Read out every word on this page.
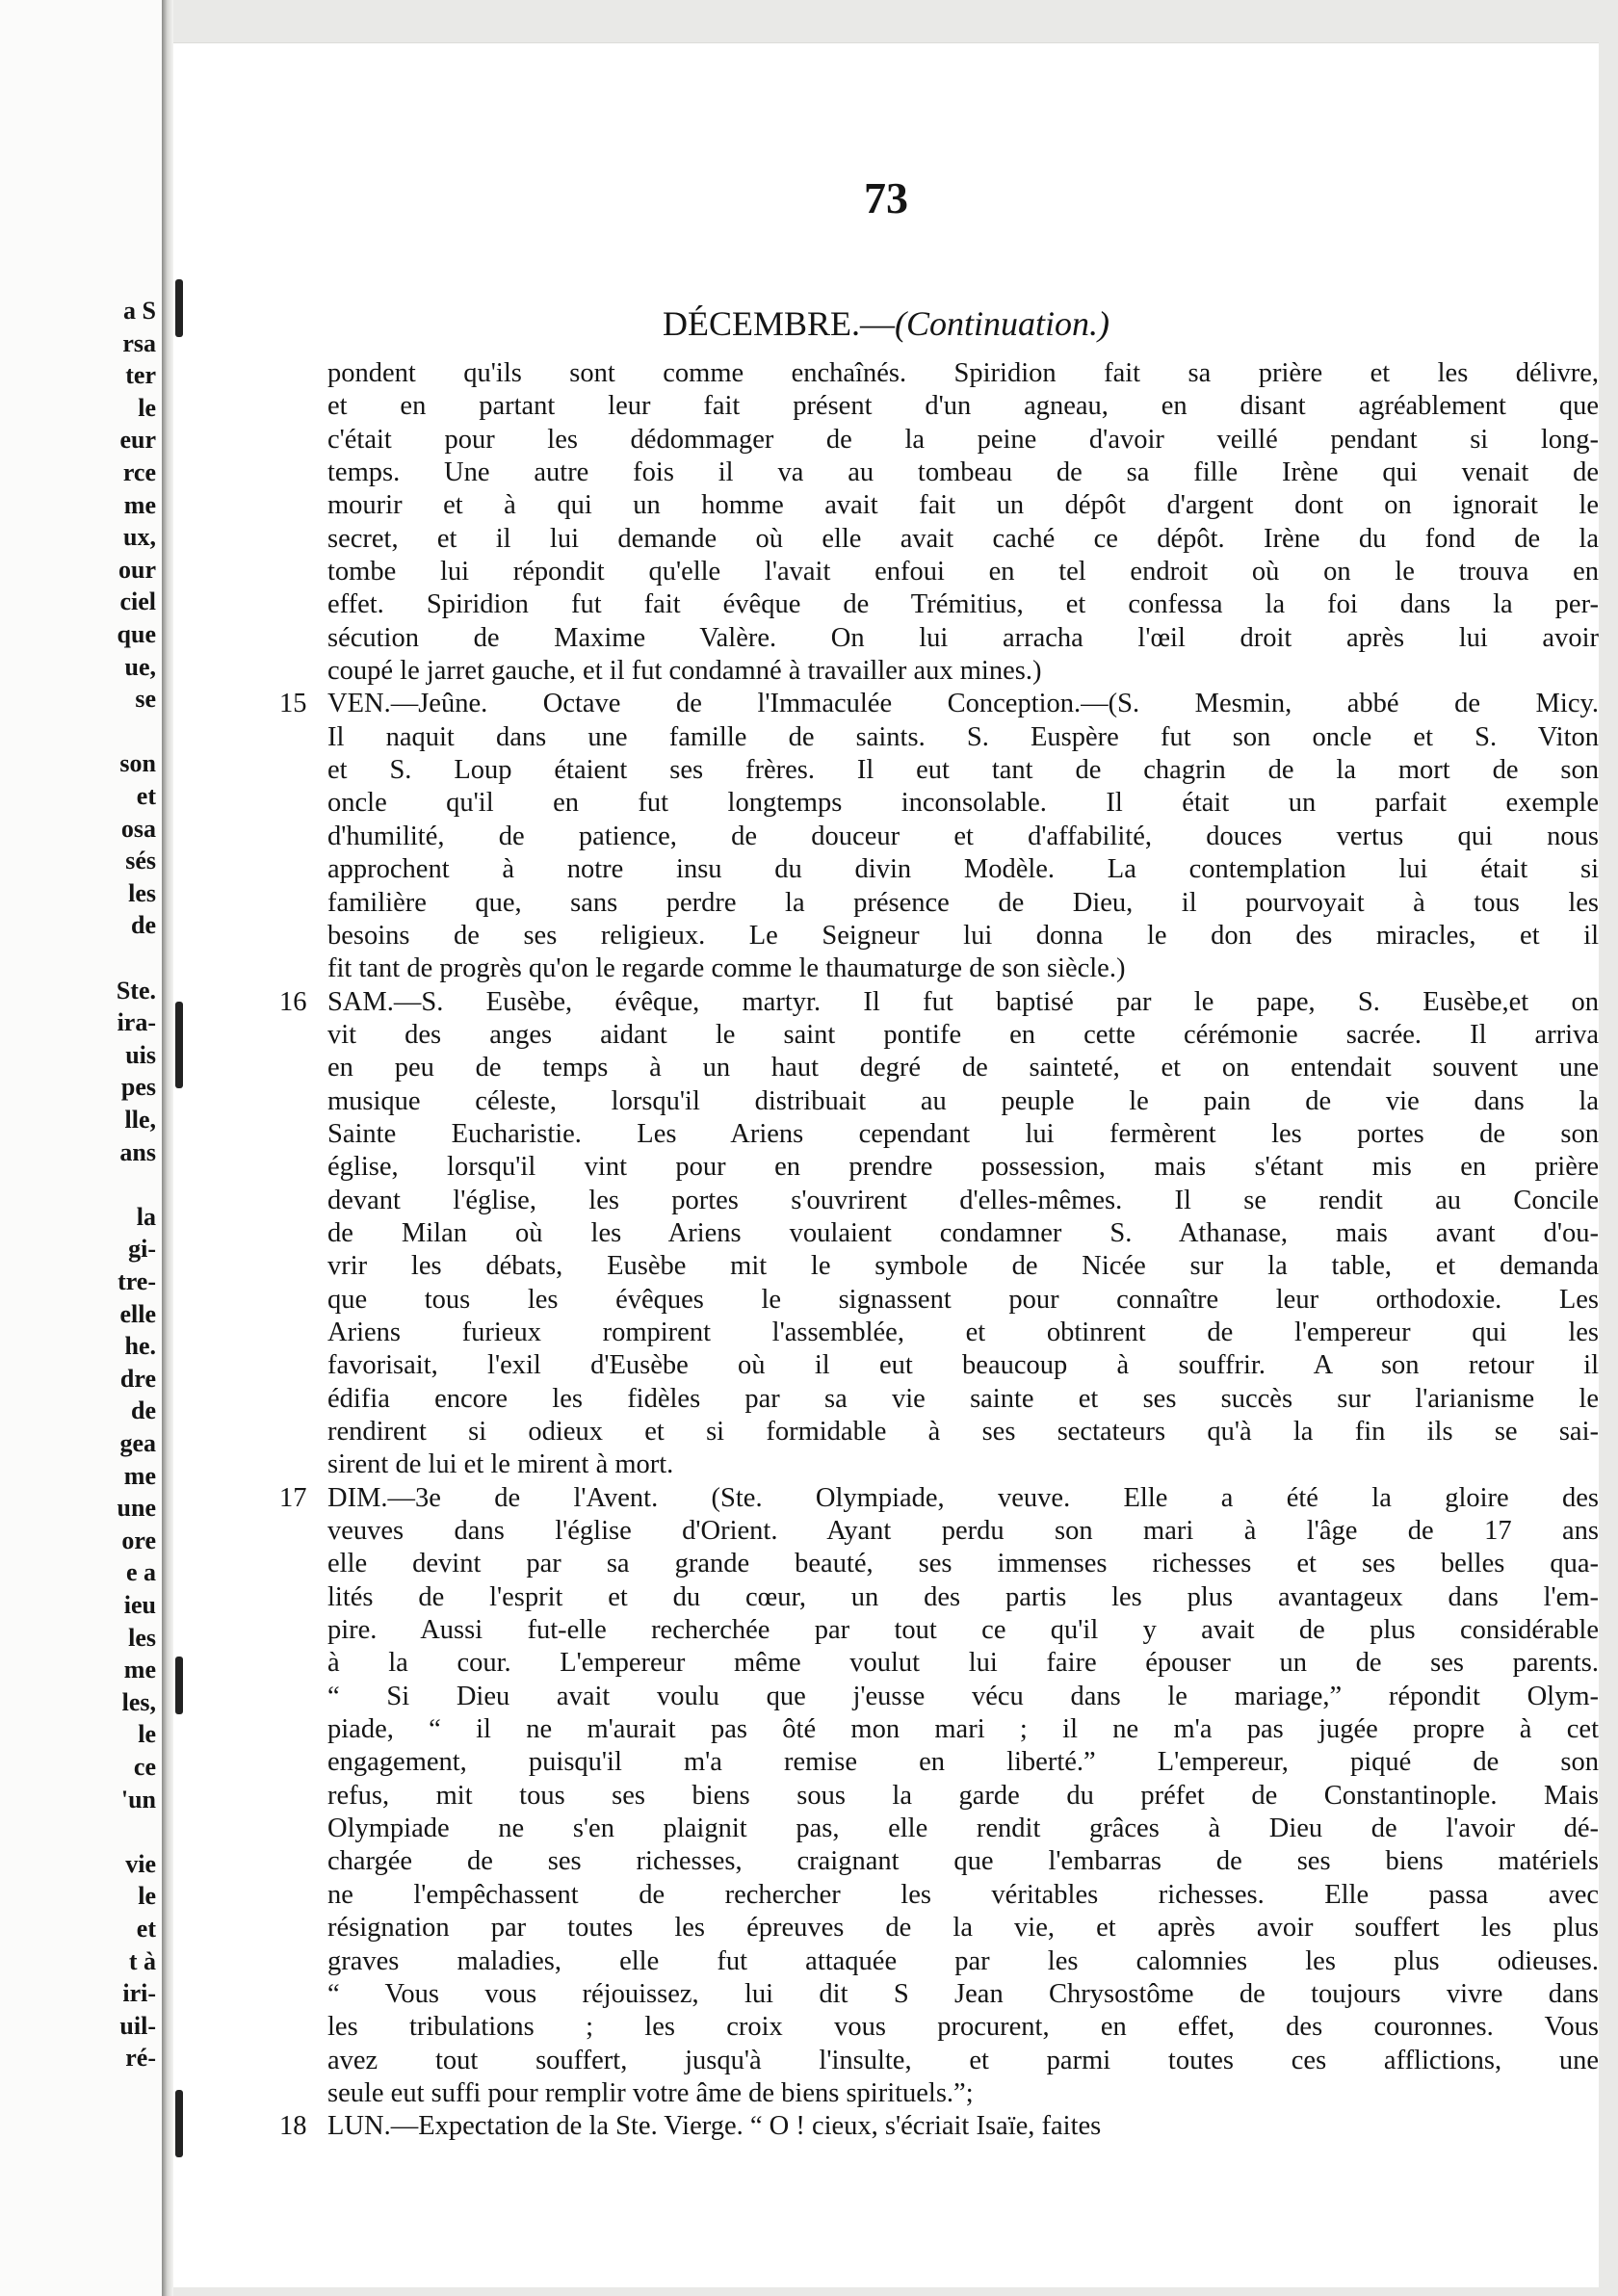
a S
rsa
ter
le
eur
rce
me
ux,
our
ciel
que
ue,
se
son
et
osa
sés
les
de
Ste.
ira-
uis
pes
lle,
ans
la
gi-
tre-
elle
he.
dre
de
gea
me
une
ore
e a
ieu
les
me
les,
le
ce
'un
vie
le
et
t à
iri-
uil-
ré-
73
DÉCEMBRE.—(Continuation.)
pondent qu'ils sont comme enchaînés. Spiridion fait sa prière et les délivre,
et en partant leur fait présent d'un agneau, en disant agréablement que
c'était pour les dédommager de la peine d'avoir veillé pendant si long-
temps. Une autre fois il va au tombeau de sa fille Irène qui venait de
mourir et à qui un homme avait fait un dépôt d'argent dont on ignorait le
secret, et il lui demande où elle avait caché ce dépôt. Irène du fond de la
tombe lui répondit qu'elle l'avait enfoui en tel endroit où on le trouva en
effet. Spiridion fut fait évêque de Trémitius, et confessa la foi dans la per-
sécution de Maxime Valère. On lui arracha l'œil droit après lui avoir
coupé le jarret gauche, et il fut condamné à travailler aux mines.)
15 VEN.—Jeûne. Octave de l'Immaculée Conception.—(S. Mesmin, abbé de Micy.
Il naquit dans une famille de saints. S. Euspère fut son oncle et S. Viton
et S. Loup étaient ses frères. Il eut tant de chagrin de la mort de son
oncle qu'il en fut longtemps inconsolable. Il était un parfait exemple
d'humilité, de patience, de douceur et d'affabilité, douces vertus qui nous
approchent à notre insu du divin Modèle. La contemplation lui était si
familière que, sans perdre la présence de Dieu, il pourvoyait à tous les
besoins de ses religieux. Le Seigneur lui donna le don des miracles, et il
fit tant de progrès qu'on le regarde comme le thaumaturge de son siècle.)
16 SAM.—S. Eusèbe, évêque, martyr. Il fut baptisé par le pape, S. Eusèbe,et on
vit des anges aidant le saint pontife en cette cérémonie sacrée. Il arriva
en peu de temps à un haut degré de sainteté, et on entendait souvent une
musique céleste, lorsqu'il distribuait au peuple le pain de vie dans la
Sainte Eucharistie. Les Ariens cependant lui fermèrent les portes de son
église, lorsqu'il vint pour en prendre possession, mais s'étant mis en prière
devant l'église, les portes s'ouvrirent d'elles-mêmes. Il se rendit au Concile
de Milan où les Ariens voulaient condamner S. Athanase, mais avant d'ou-
vrir les débats, Eusèbe mit le symbole de Nicée sur la table, et demanda
que tous les évêques le signassent pour connaître leur orthodoxie. Les
Ariens furieux rompirent l'assemblée, et obtinrent de l'empereur qui les
favorisait, l'exil d'Eusèbe où il eut beaucoup à souffrir. A son retour il
édifia encore les fidèles par sa vie sainte et ses succès sur l'arianisme le
rendirent si odieux et si formidable à ses sectateurs qu'à la fin ils se sai-
sirent de lui et le mirent à mort.
17 DIM.—3e de l'Avent. (Ste. Olympiade, veuve. Elle a été la gloire des
veuves dans l'église d'Orient. Ayant perdu son mari à l'âge de 17 ans
elle devint par sa grande beauté, ses immenses richesses et ses belles qua-
lités de l'esprit et du cœur, un des partis les plus avantageux dans l'em-
pire. Aussi fut-elle recherchée par tout ce qu'il y avait de plus considérable
à la cour. L'empereur même voulut lui faire épouser un de ses parents.
“ Si Dieu avait voulu que j'eusse vécu dans le mariage,” répondit Olym-
piade, “ il ne m'aurait pas ôté mon mari ; il ne m'a pas jugée propre à cet
engagement, puisqu'il m'a remise en liberté.” L'empereur, piqué de son
refus, mit tous ses biens sous la garde du préfet de Constantinople. Mais
Olympiade ne s'en plaignit pas, elle rendit grâces à Dieu de l'avoir dé-
chargée de ses richesses, craignant que l'embarras de ses biens matériels
ne l'empêchassent de rechercher les véritables richesses. Elle passa avec
résignation par toutes les épreuves de la vie, et après avoir souffert les plus
graves maladies, elle fut attaquée par les calomnies les plus odieuses.
“ Vous vous réjouissez, lui dit S Jean Chrysostôme de toujours vivre dans
les tribulations ; les croix vous procurent, en effet, des couronnes. Vous
avez tout souffert, jusqu'à l'insulte, et parmi toutes ces afflictions, une
seule eut suffi pour remplir votre âme de biens spirituels.”;
18 LUN.—Expectation de la Ste. Vierge. “ O ! cieux, s'écriait Isaïe, faites
